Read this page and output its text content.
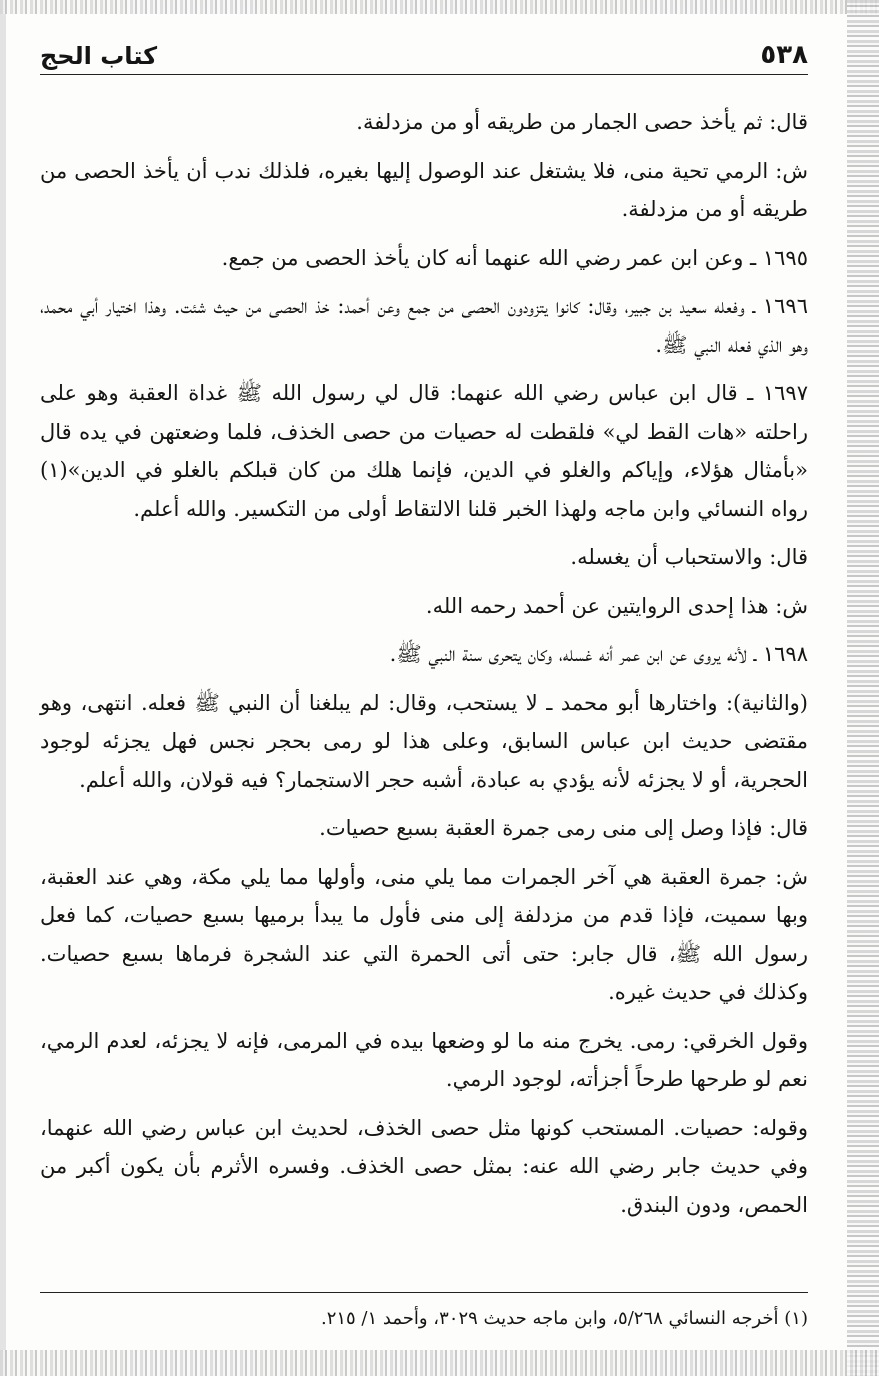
كتاب الحج	٥٣٨

قال: ثم يأخذ حصى الجمار من طريقه أو من مزدلفة.

ش: الرمي تحية منى، فلا يشتغل عند الوصول إليها بغيره، فلذلك ندب أن يأخذ الحصى من طريقه أو من مزدلفة.

١٦٩٥ ـ وعن ابن عمر رضي الله عنهما أنه كان يأخذ الحصى من جمع.

١٦٩٦ ـ وفعله سعيد بن جبير، وقال: كانوا يتزودون الحصى من جمع وعن أحمد: خذ الحصى من حيث شئت. وهذا اختيار أبي محمد، وهو الذي فعله النبي ﷺ.

١٦٩٧ ـ قال ابن عباس رضي الله عنهما: قال لي رسول الله ﷺ غداة العقبة وهو على راحلته «هات القط لي» فلقطت له حصيات من حصى الخذف، فلما وضعتهن في يده قال «بأمثال هؤلاء، وإياكم والغلو في الدين، فإنما هلك من كان قبلكم بالغلو في الدين»(١) رواه النسائي وابن ماجه ولهذا الخبر قلنا الالتقاط أولى من التكسير. والله أعلم.

قال: والاستحباب أن يغسله.

ش: هذا إحدى الروايتين عن أحمد رحمه الله.

١٦٩٨ ـ لأنه يروى عن ابن عمر أنه غسله، وكان يتحرى سنة النبي ﷺ.

(والثانية): واختارها أبو محمد ـ لا يستحب، وقال: لم يبلغنا أن النبي ﷺ فعله. انتهى، وهو مقتضى حديث ابن عباس السابق، وعلى هذا لو رمى بحجر نجس فهل يجزئه لوجود الحجرية، أو لا يجزئه لأنه يؤدي به عبادة، أشبه حجر الاستجمار؟ فيه قولان، والله أعلم.

قال: فإذا وصل إلى منى رمى جمرة العقبة بسبع حصيات.

ش: جمرة العقبة هي آخر الجمرات مما يلي منى، وأولها مما يلي مكة، وهي عند العقبة، وبها سميت، فإذا قدم من مزدلفة إلى منى فأول ما يبدأ برميها بسبع حصيات، كما فعل رسول الله ﷺ، قال جابر: حتى أتى الحمرة التي عند الشجرة فرماها بسبع حصيات. وكذلك في حديث غيره.

وقول الخرقي: رمى. يخرج منه ما لو وضعها بيده في المرمى، فإنه لا يجزئه، لعدم الرمي، نعم لو طرحها طرحاً أجزأته، لوجود الرمي.

وقوله: حصيات. المستحب كونها مثل حصى الخذف، لحديث ابن عباس رضي الله عنهما، وفي حديث جابر رضي الله عنه: بمثل حصى الخذف. وفسره الأثرم بأن يكون أكبر من الحمص، ودون البندق.

(١) أخرجه النسائي ٥/٢٦٨، وابن ماجه حديث ٣٠٢٩، وأحمد ١/ ٢١٥.
